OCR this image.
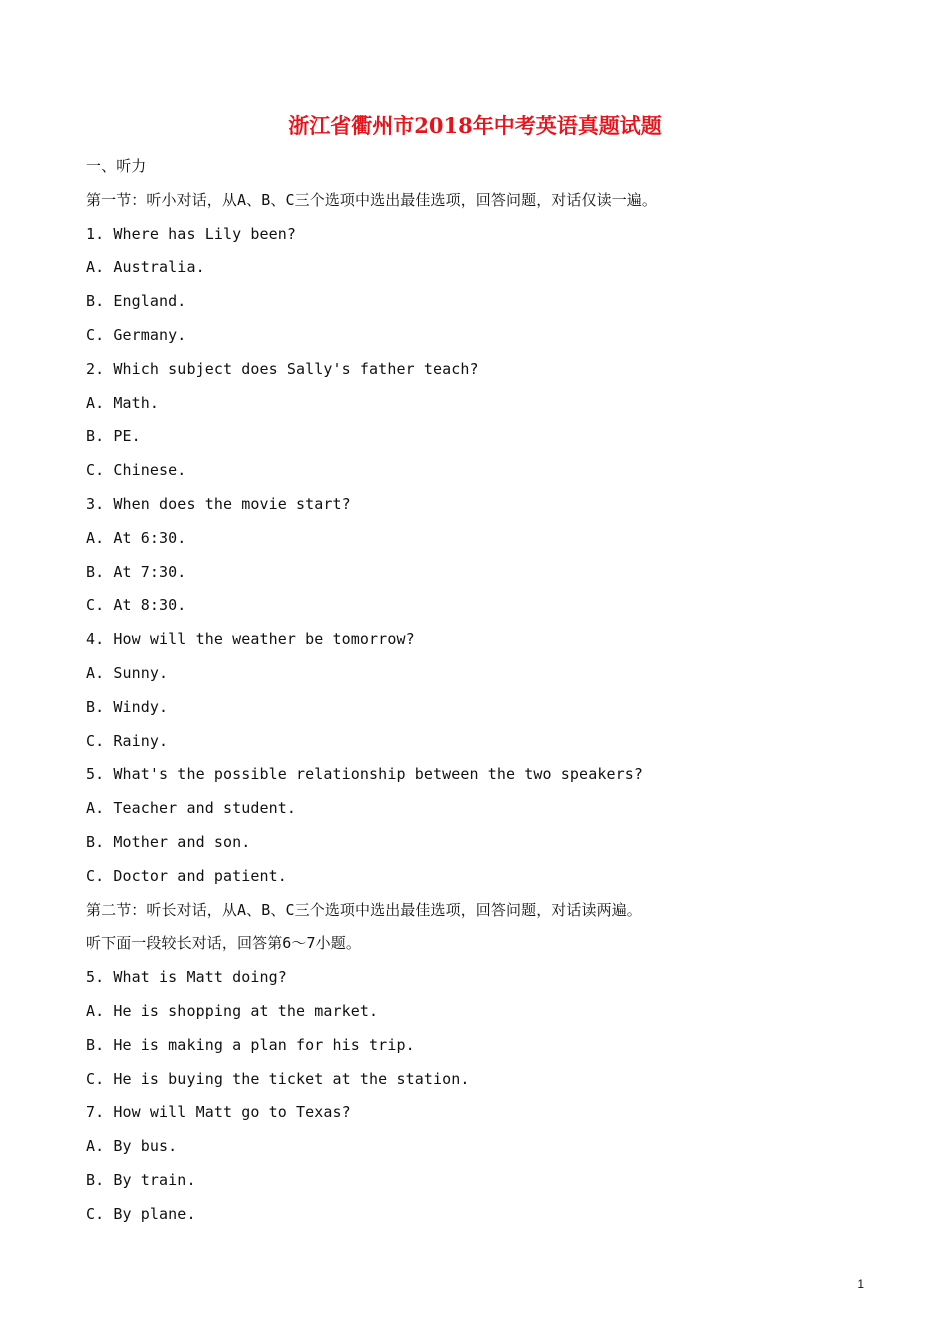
浙江省衢州市2018年中考英语真题试题
一、听力
第一节：听小对话，从A、B、C三个选项中选出最佳选项，回答问题，对话仅读一遍。
1. Where has Lily been?
A. Australia.
B. England.
C. Germany.
2. Which subject does Sally's father teach?
A. Math.
B. PE.
C. Chinese.
3. When does the movie start?
A. At 6:30.
B. At 7:30.
C. At 8:30.
4. How will the weather be tomorrow?
A. Sunny.
B. Windy.
C. Rainy.
5. What's the possible relationship between the two speakers?
A. Teacher and student.
B. Mother and son.
C. Doctor and patient.
第二节：听长对话，从A、B、C三个选项中选出最佳选项，回答问题，对话读两遍。
听下面一段较长对话，回答第6～7小题。
5. What is Matt doing?
A. He is shopping at the market.
B. He is making a plan for his trip.
C. He is buying the ticket at the station.
7. How will Matt go to Texas?
A. By bus.
B. By train.
C. By plane.
1
